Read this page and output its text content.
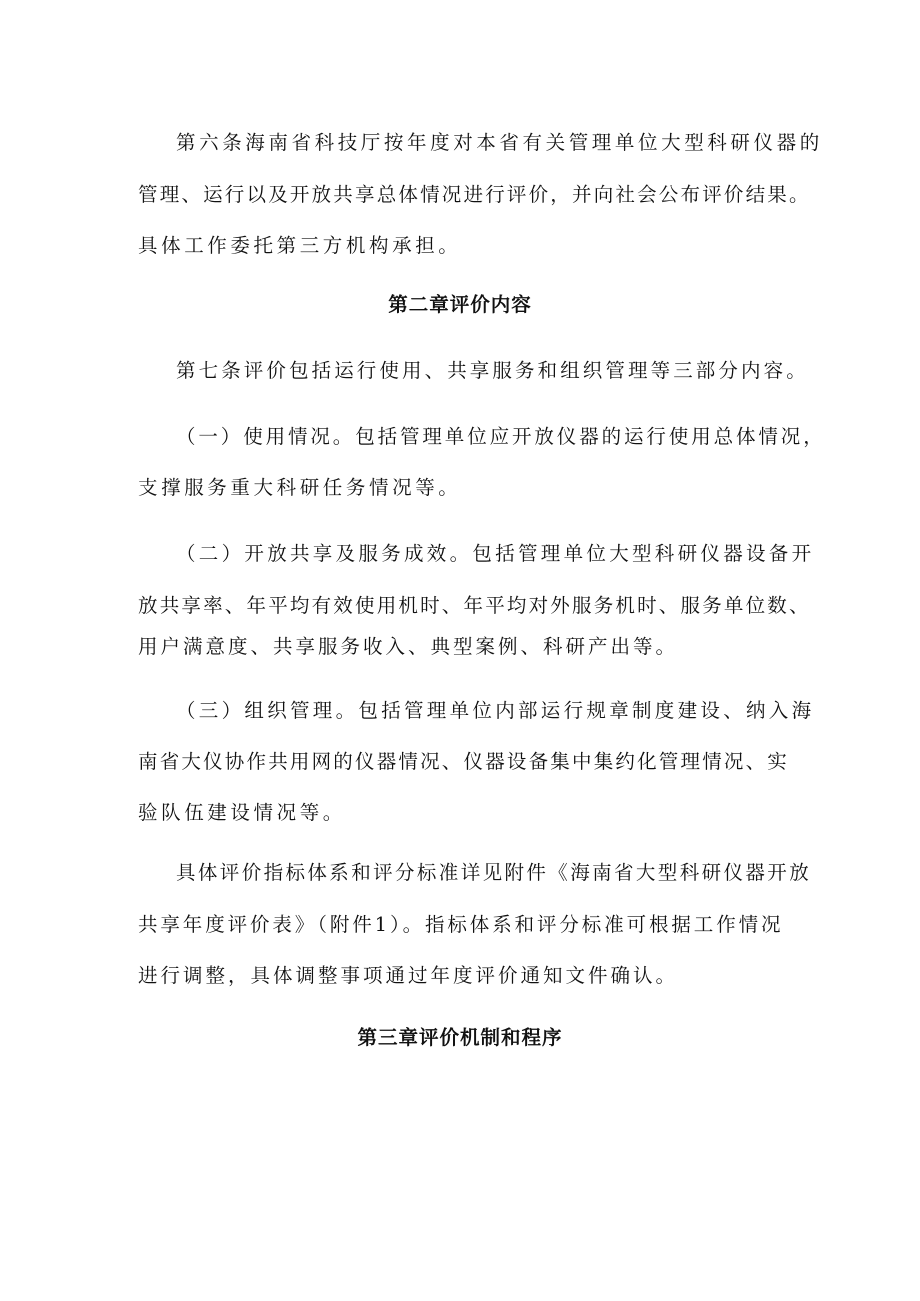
第六条海南省科技厅按年度对本省有关管理单位大型科研仪器的
管理、运行以及开放共享总体情况进行评价，并向社会公布评价结果。
具体工作委托第三方机构承担。
第二章评价内容
第七条评价包括运行使用、共享服务和组织管理等三部分内容。
（一）使用情况。包括管理单位应开放仪器的运行使用总体情况，
支撑服务重大科研任务情况等。
（二）开放共享及服务成效。包括管理单位大型科研仪器设备开
放共享率、年平均有效使用机时、年平均对外服务机时、服务单位数、
用户满意度、共享服务收入、典型案例、科研产出等。
（三）组织管理。包括管理单位内部运行规章制度建设、纳入海
南省大仪协作共用网的仪器情况、仪器设备集中集约化管理情况、实
验队伍建设情况等。
具体评价指标体系和评分标准详见附件《海南省大型科研仪器开放
共享年度评价表》（附件1）。指标体系和评分标准可根据工作情况
进行调整，具体调整事项通过年度评价通知文件确认。
第三章评价机制和程序
